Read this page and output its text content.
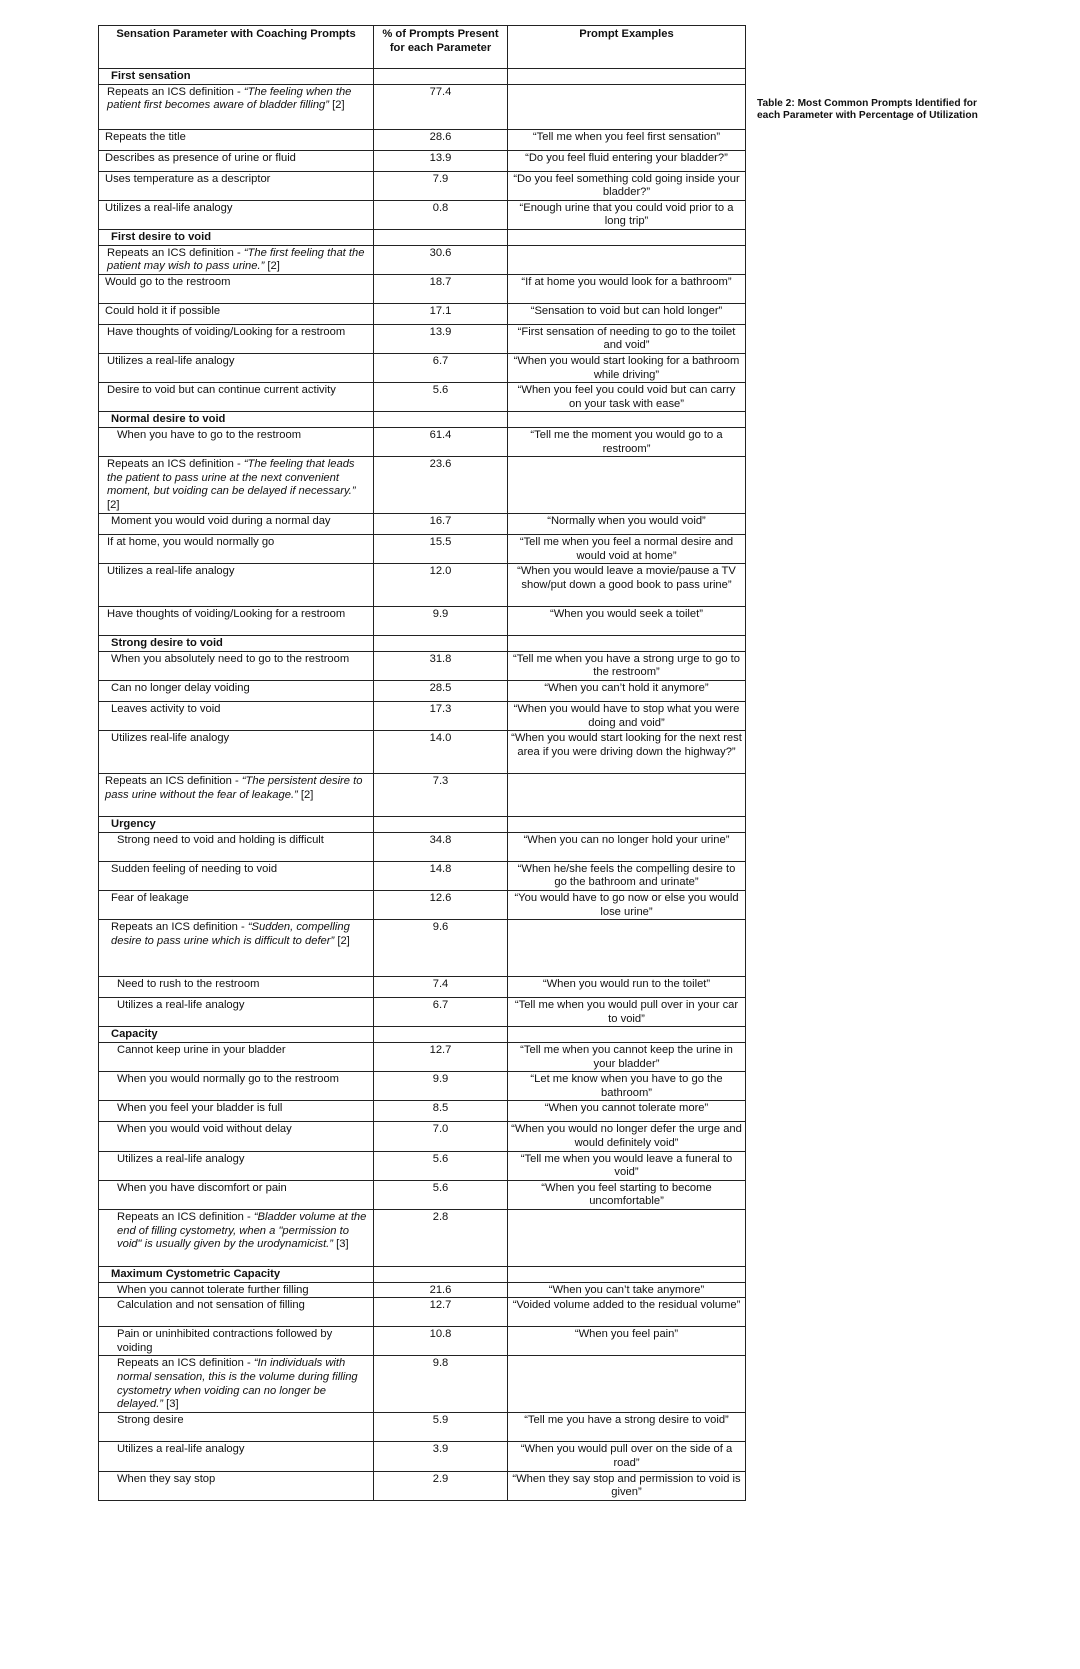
Sensation Parameter with Coaching Prompts	% of Prompts Present for each Parameter	Prompt Examples
First sensation		
Repeats an ICS definition - “The feeling when the patient first becomes aware of bladder filling” [2]	77.4	
Repeats the title	28.6	“Tell me when you feel first sensation”
Describes as presence of urine or fluid	13.9	“Do you feel fluid entering your bladder?”
Uses temperature as a descriptor	7.9	“Do you feel something cold going inside your bladder?”
Utilizes a real-life analogy	0.8	“Enough urine that you could void prior to a long trip”
First desire to void		
Repeats an ICS definition - “The first feeling that the patient may wish to pass urine.” [2]	30.6	
Would go to the restroom	18.7	“If at home you would look for a bathroom”
Could hold it if possible	17.1	“Sensation to void but can hold longer”
Have thoughts of voiding/Looking for a restroom	13.9	“First sensation of needing to go to the toilet and void”
Utilizes a real-life analogy	6.7	“When you would start looking for a bathroom while driving”
Desire to void but can continue current activity	5.6	“When you feel you could void but can carry on your task with ease”
Normal desire to void		
When you have to go to the restroom	61.4	“Tell me the moment you would go to a restroom”
Repeats an ICS definition - “The feeling that leads the patient to pass urine at the next convenient moment, but voiding can be delayed if necessary.” [2]	23.6	
Moment you would void during a normal day	16.7	“Normally when you would void”
If at home, you would normally go	15.5	“Tell me when you feel a normal desire and would void at home”
Utilizes a real-life analogy	12.0	“When you would leave a movie/pause a TV show/put down a good book to pass urine”
Have thoughts of voiding/Looking for a restroom	9.9	“When you would seek a toilet”
Strong desire to void		
When you absolutely need to go to the restroom	31.8	“Tell me when you have a strong urge to go to the restroom”
Can no longer delay voiding	28.5	“When you can’t hold it anymore”
Leaves activity to void	17.3	“When you would have to stop what you were doing and void”
Utilizes real-life analogy	14.0	“When you would start looking for the next rest area if you were driving down the highway?”
Repeats an ICS definition - “The persistent desire to pass urine without the fear of leakage.” [2]	7.3	
Urgency		
Strong need to void and holding is difficult	34.8	“When you can no longer hold your urine”
Sudden feeling of needing to void	14.8	“When he/she feels the compelling desire to go the bathroom and urinate”
Fear of leakage	12.6	“You would have to go now or else you would lose urine”
Repeats an ICS definition - “Sudden, compelling desire to pass urine which is difficult to defer” [2]	9.6	
Need to rush to the restroom	7.4	“When you would run to the toilet”
Utilizes a real-life analogy	6.7	“Tell me when you would pull over in your car to void”
Capacity		
Cannot keep urine in your bladder	12.7	“Tell me when you cannot keep the urine in your bladder”
When you would normally go to the restroom	9.9	“Let me know when you have to go the bathroom”
When you feel your bladder is full	8.5	“When you cannot tolerate more”
When you would void without delay	7.0	“When you would no longer defer the urge and would definitely void”
Utilizes a real-life analogy	5.6	“Tell me when you would leave a funeral to void”
When you have discomfort or pain	5.6	“When you feel starting to become uncomfortable”
Repeats an ICS definition - “Bladder volume at the end of filling cystometry, when a "permission to void" is usually given by the urodynamicist.” [3]	2.8	
Maximum Cystometric Capacity		
When you cannot tolerate further filling	21.6	“When you can’t take anymore”
Calculation and not sensation of filling	12.7	“Voided volume added to the residual volume”
Pain or uninhibited contractions followed by voiding	10.8	“When you feel pain”
Repeats an ICS definition - “In individuals with normal sensation, this is the volume during filling cystometry when voiding can no longer be delayed.” [3]	9.8	
Strong desire	5.9	“Tell me you have a strong desire to void”
Utilizes a real-life analogy	3.9	“When you would pull over on the side of a road”
When they say stop	2.9	“When they say stop and permission to void is given”
Table 2: Most Common Prompts Identified for each Parameter with Percentage of Utilization
